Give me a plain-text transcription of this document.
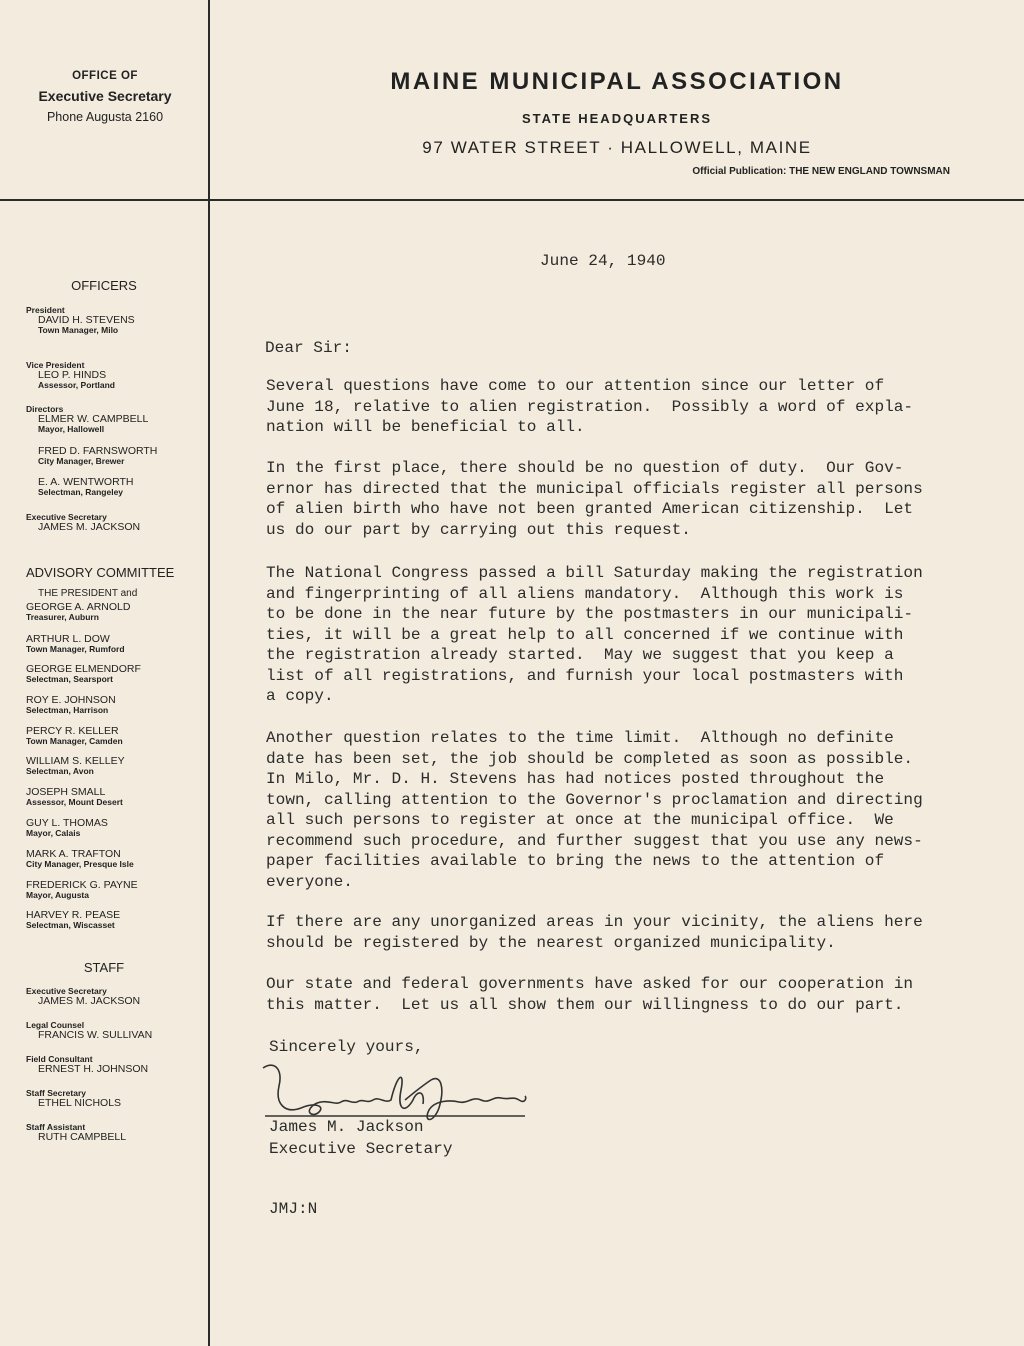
OFFICE OF
Executive Secretary
Phone Augusta 2160
MAINE MUNICIPAL ASSOCIATION
STATE HEADQUARTERS
97 WATER STREET · HALLOWELL, MAINE
Official Publication: THE NEW ENGLAND TOWNSMAN
OFFICERS
President
DAVID H. STEVENS
Town Manager, Milo
Vice President
LEO P. HINDS
Assessor, Portland
Directors
ELMER W. CAMPBELL
Mayor, Hallowell
FRED D. FARNSWORTH
City Manager, Brewer
E. A. WENTWORTH
Selectman, Rangeley
Executive Secretary
JAMES M. JACKSON
ADVISORY COMMITTEE
THE PRESIDENT and
GEORGE A. ARNOLD
Treasurer, Auburn
ARTHUR L. DOW
Town Manager, Rumford
GEORGE ELMENDORF
Selectman, Searsport
ROY E. JOHNSON
Selectman, Harrison
PERCY R. KELLER
Town Manager, Camden
WILLIAM S. KELLEY
Selectman, Avon
JOSEPH SMALL
Assessor, Mount Desert
GUY L. THOMAS
Mayor, Calais
MARK A. TRAFTON
City Manager, Presque Isle
FREDERICK G. PAYNE
Mayor, Augusta
HARVEY R. PEASE
Selectman, Wiscasset
STAFF
Executive Secretary
JAMES M. JACKSON
Legal Counsel
FRANCIS W. SULLIVAN
Field Consultant
ERNEST H. JOHNSON
Staff Secretary
ETHEL NICHOLS
Staff Assistant
RUTH CAMPBELL
June 24, 1940
Dear Sir:
Several questions have come to our attention since our letter of
June 18, relative to alien registration.  Possibly a word of expla-
nation will be beneficial to all.
In the first place, there should be no question of duty.  Our Gov-
ernor has directed that the municipal officials register all persons
of alien birth who have not been granted American citizenship.  Let
us do our part by carrying out this request.
The National Congress passed a bill Saturday making the registration
and fingerprinting of all aliens mandatory.  Although this work is
to be done in the near future by the postmasters in our municipali-
ties, it will be a great help to all concerned if we continue with
the registration already started.  May we suggest that you keep a
list of all registrations, and furnish your local postmasters with
a copy.
Another question relates to the time limit.  Although no definite
date has been set, the job should be completed as soon as possible.
In Milo, Mr. D. H. Stevens has had notices posted throughout the
town, calling attention to the Governor's proclamation and directing
all such persons to register at once at the municipal office.  We
recommend such procedure, and further suggest that you use any news-
paper facilities available to bring the news to the attention of
everyone.
If there are any unorganized areas in your vicinity, the aliens here
should be registered by the nearest organized municipality.
Our state and federal governments have asked for our cooperation in
this matter.  Let us all show them our willingness to do our part.
Sincerely yours,
James M. Jackson
Executive Secretary
JMJ:N
